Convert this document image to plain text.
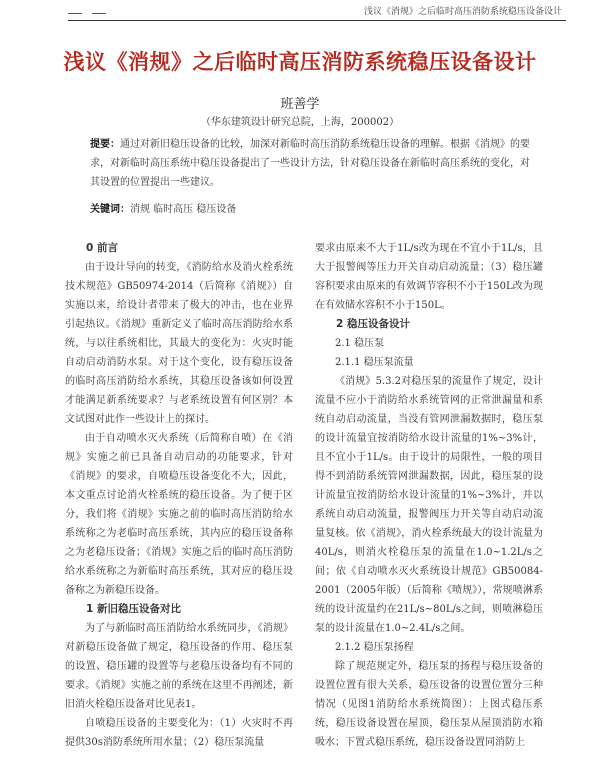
浅议《消规》之后临时高压消防系统稳压设备设计
浅议《消规》之后临时高压消防系统稳压设备设计
班善学
（华东建筑设计研究总院，上海，200002）
提要：通过对新旧稳压设备的比较，加深对新临时高压消防系统稳压设备的理解。根据《消规》的要求，对新临时高压系统中稳压设备提出了一些设计方法，针对稳压设备在新临时高压系统的变化，对其设置的位置提出一些建议。
关键词：消规 临时高压 稳压设备

0 前言

由于设计导向的转变，《消防给水及消火栓系统技术规范》GB50974-2014（后简称《消规》）自实施以来，给设计者带来了极大的冲击，也在业界引起热议。《消规》重新定义了临时高压消防给水系统，与以往系统相比，其最大的变化为：火灾时能自动启动消防水泵。对于这个变化，设有稳压设备的临时高压消防给水系统，其稳压设备该如何设置才能满足新系统要求？与老系统设置有何区别？本文试图对此作一些设计上的探讨。

由于自动喷水灭火系统（后简称自喷）在《消规》实施之前已具备自动启动的功能要求，针对《消规》的要求，自喷稳压设备变化不大，因此，本文重点讨论消火栓系统的稳压设备。为了便于区分，我们将《消规》实施之前的临时高压消防给水系统称之为老临时高压系统，其内应的稳压设备称之为老稳压设备；《消规》实施之后的临时高压消防给水系统称之为新临时高压系统，其对应的稳压设备称之为新稳压设备。

1 新旧稳压设备对比

为了与新临时高压消防给水系统同步，《消规》对新稳压设备做了规定，稳压设备的作用、稳压泵的设置、稳压罐的设置等与老稳压设备均有不同的要求。《消规》实施之前的系统在这里不再阐述，新旧消火栓稳压设备对比见表1。

自喷稳压设备的主要变化为：（1）火灾时不再提供30s消防系统所用水量；（2）稳压泵流量

要求由原来不大于1L/s改为现在不宜小于1L/s，且大于报警阀等压力开关自动启动流量；（3）稳压罐容积要求由原来的有效调节容积不小于150L改为现在有效储水容积不小于150L。

2 稳压设备设计

2.1 稳压泵

2.1.1 稳压泵流量

《消规》5.3.2对稳压泵的流量作了规定，设计流量不应小于消防给水系统管网的正常泄漏量和系统自动启动流量，当没有管网泄漏数据时，稳压泵的设计流量宜按消防给水设计流量的1%~3%计，且不宜小于1L/s。由于设计的局限性，一般的项目得不到消防系统管网泄漏数据，因此，稳压泵的设计流量宜按消防给水设计流量的1%~3%计，并以系统自动启动流量，报警阀压力开关等自动启动流量复核。依《消规》，消火栓系统最大的设计流量为40L/s，则消火栓稳压泵的流量在1.0~1.2L/s之间；依《自动喷水灭火系统设计规范》GB50084-2001（2005年版）（后简称《喷规》），常规喷淋系统的设计流量约在21L/s~80L/s之间，则喷淋稳压泵的设计流量在1.0~2.4L/s之间。

2.1.2 稳压泵扬程

除了规范规定外，稳压泵的扬程与稳压设备的设置位置有很大关系，稳压设备的设置位置分三种情况（见图1消防给水系统简图）：上图式稳压系统，稳压设备设置在屋顶，稳压泵从屋顶消防水箱吸水；下置式稳压系统，稳压设备设置同消防上
